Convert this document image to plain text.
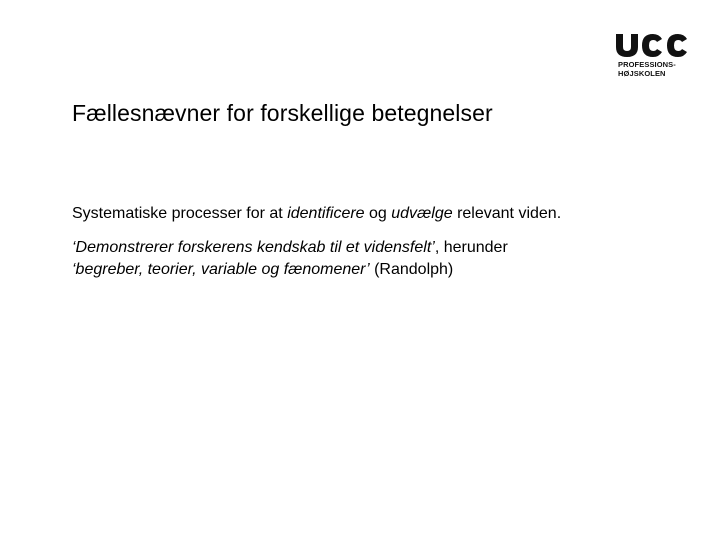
PROFESSIONS-
HØJSKOLEN
Fællesnævner for forskellige betegnelser

Systematiske processer for at identificere og udvælge relevant viden.

‘Demonstrerer forskerens kendskab til et vidensfelt’, herunder
‘begreber, teorier, variable og fænomener’ (Randolph)
